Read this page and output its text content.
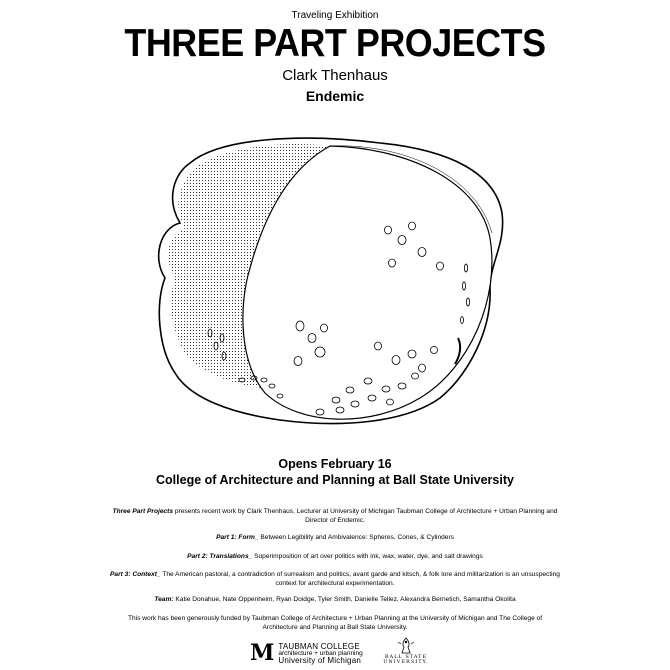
Traveling Exhibition
THREE PART PROJECTS
Clark Thenhaus
Endemic
Opens February 16
College of Architecture and Planning at Ball State University
Three Part Projects presents recent work by Clark Thenhaus, Lecturer at University of Michigan Taubman College of Architecture + Urban Planning and Director of Endemic.
Part 1: Form_ Between Legibility and Ambivalence: Spheres, Cones, & Cylinders
Part 2: Translations_ Superimposition of art over politics with ink, wax, water, dye, and salt drawings
Part 3: Context_ The American pastoral, a contradiction of surrealism and politics, avant garde and kitsch, & folk lore and militarization is an unsuspecting context for architectural experimentation.
Team: Katie Donahue, Nate Oppenheim, Ryan Doidge, Tyler Smith, Danielle Tellez, Alexandra Bernetich, Samantha Okolita
This work has been generously funded by Taubman College of Architecture + Urban Planning at the University of Michigan and The College of Architecture and Planning at Ball State University.
M TAUBMAN COLLEGE
architecture + urban planning
University of Michigan	BALL STATE
UNIVERSITY.
